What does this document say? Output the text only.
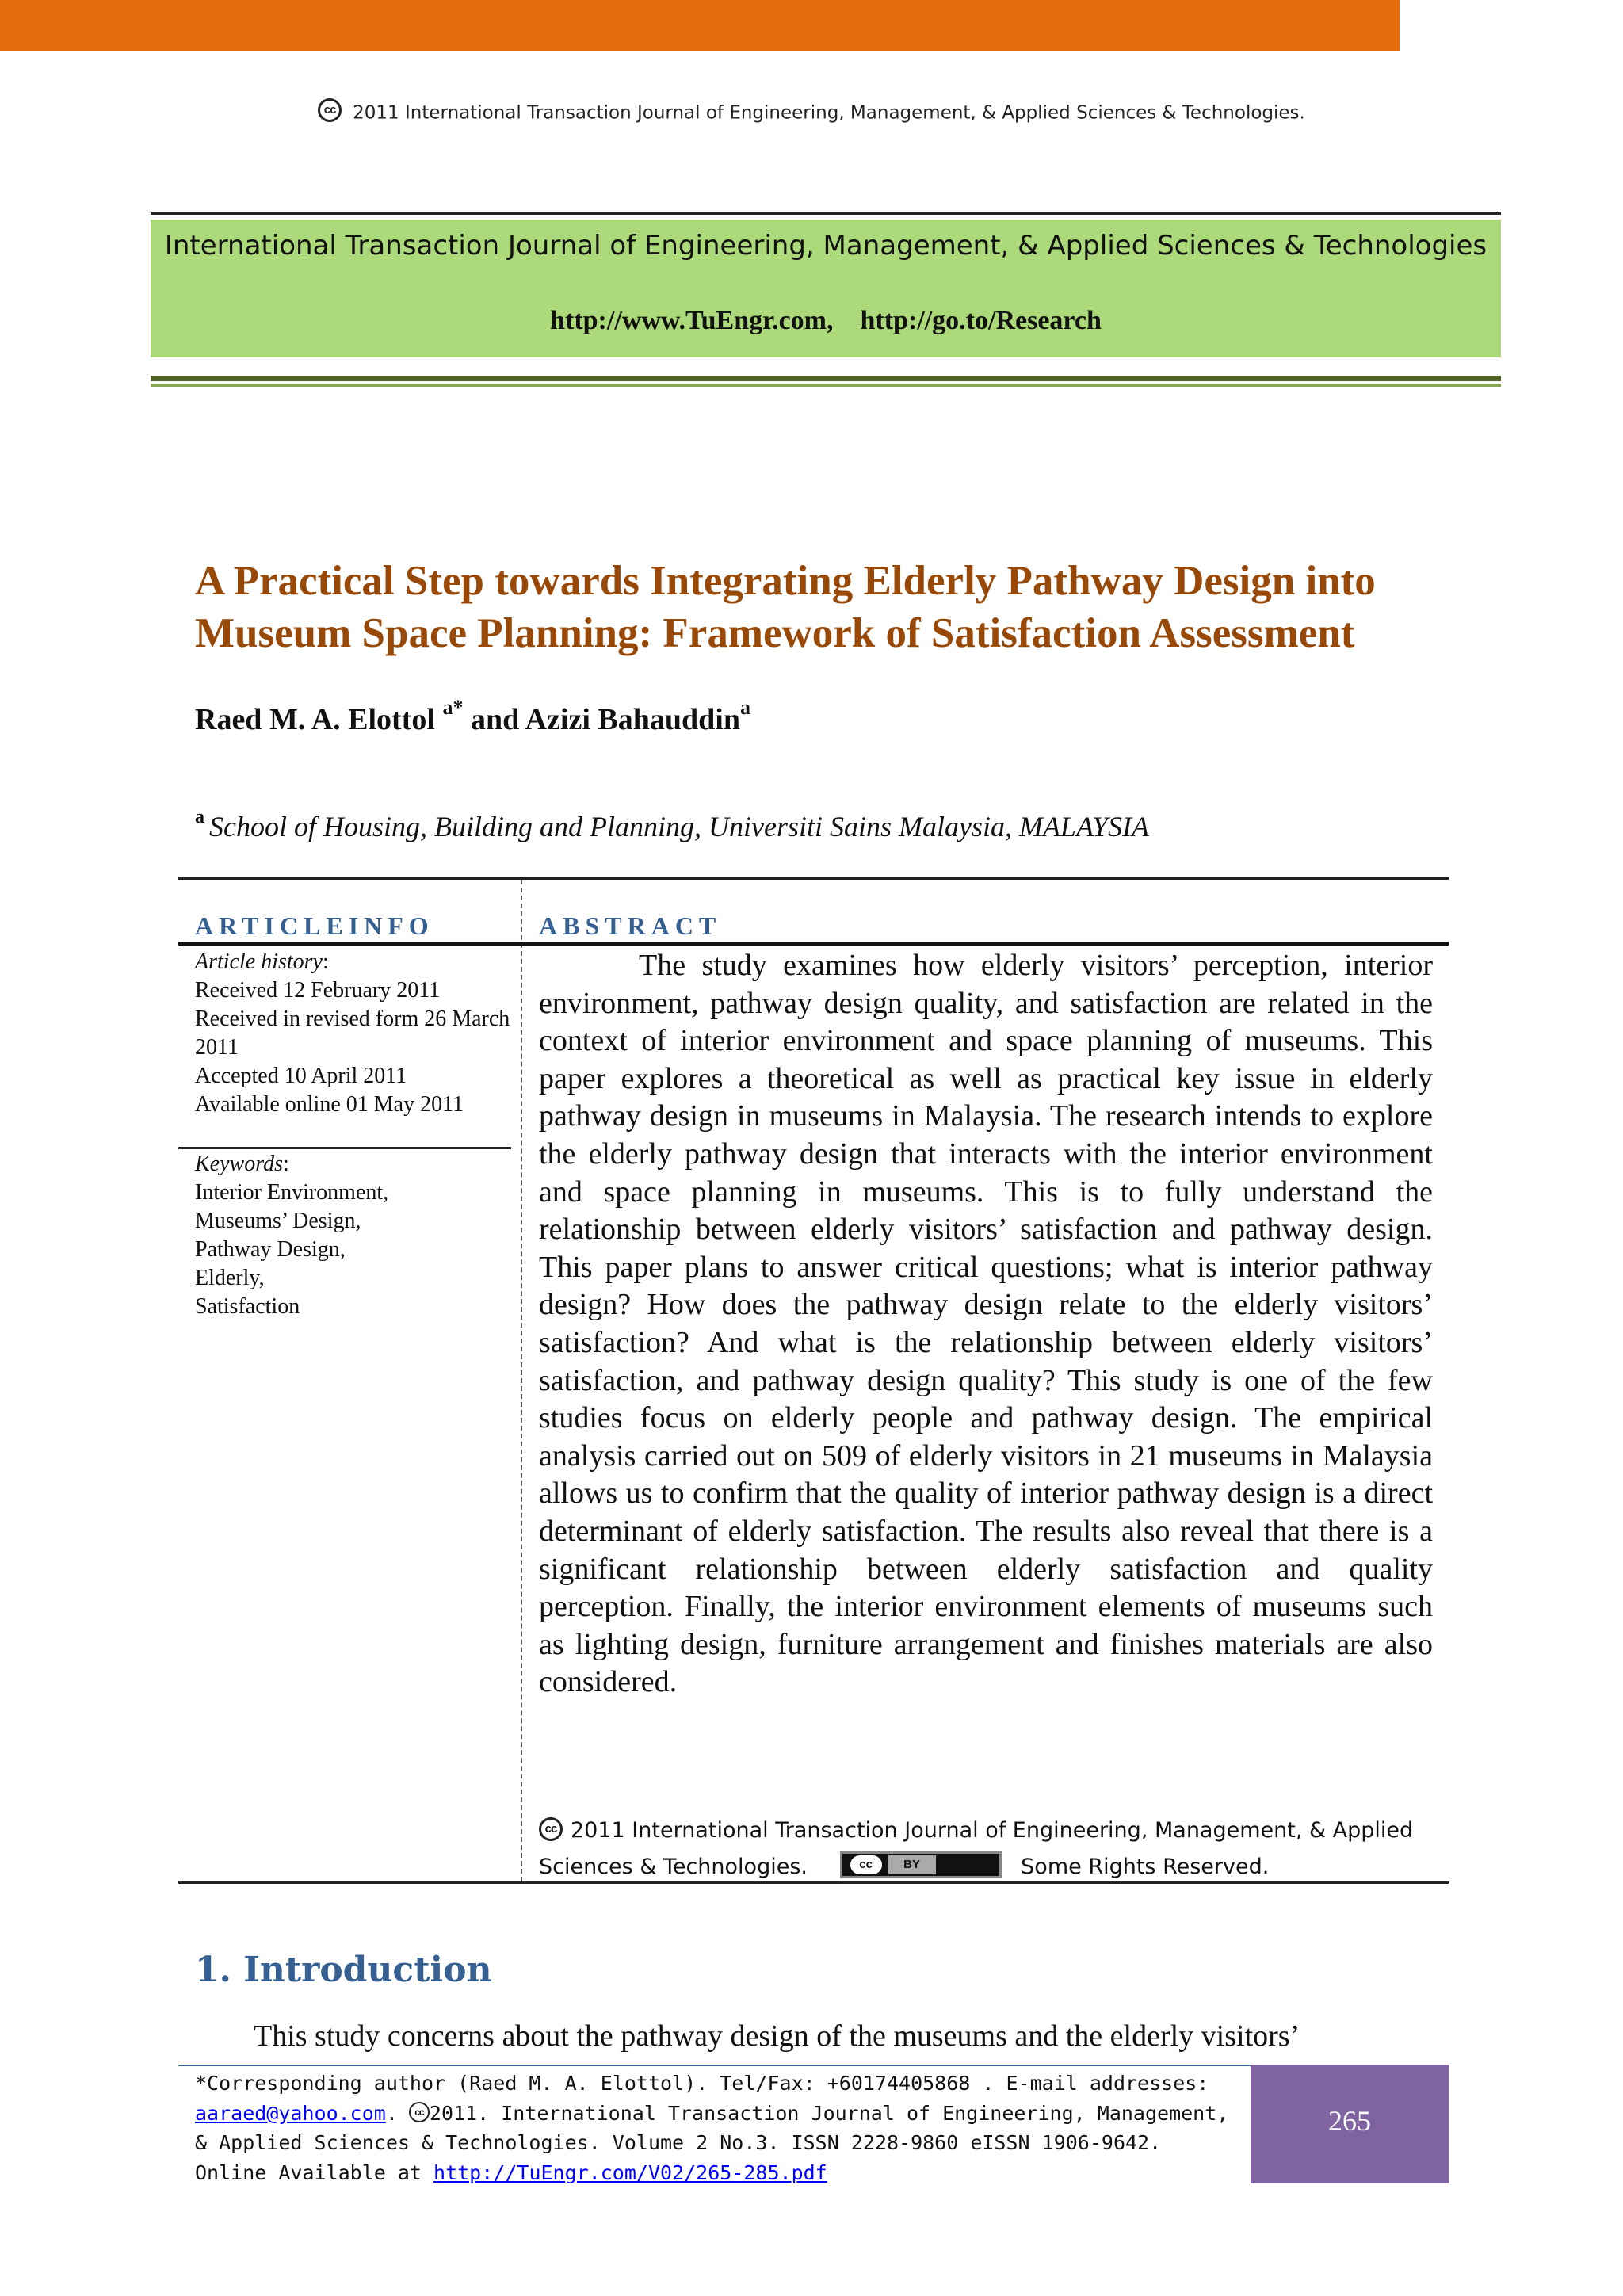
cc 2011 International Transaction Journal of Engineering, Management, & Applied Sciences & Technologies.
International Transaction Journal of Engineering, Management, & Applied Sciences & Technologies
http://www.TuEngr.com,    http://go.to/Research
A Practical Step towards Integrating Elderly Pathway Design into Museum Space Planning: Framework of Satisfaction Assessment
Raed M. A. Elottol $^{a*}$ and Azizi Bahauddin$^a$
$^a$ School of Housing, Building and Planning, Universiti Sains Malaysia, MALAYSIA
ARTICLEINFO	ABSTRACT
Article history:
Received 12 February 2011
Received in revised form 26 March 2011
Accepted 10 April 2011
Available online 01 May 2011
Keywords:
Interior Environment,
Museums’ Design,
Pathway Design,
Elderly,
Satisfaction
The study examines how elderly visitors’ perception, interior environment, pathway design quality, and satisfaction are related in the context of interior environment and space planning of museums. This paper explores a theoretical as well as practical key issue in elderly pathway design in museums in Malaysia. The research intends to explore the elderly pathway design that interacts with the interior environment and space planning in museums. This is to fully understand the relationship between elderly visitors’ satisfaction and pathway design. This paper plans to answer critical questions; what is interior pathway design? How does the pathway design relate to the elderly visitors’ satisfaction? And what is the relationship between elderly visitors’ satisfaction, and pathway design quality? This study is one of the few studies focus on elderly people and pathway design. The empirical analysis carried out on 509 of elderly visitors in 21 museums in Malaysia allows us to confirm that the quality of interior pathway design is a direct determinant of elderly satisfaction. The results also reveal that there is a significant relationship between elderly satisfaction and quality perception. Finally, the interior environment elements of museums such as lighting design, furniture arrangement and finishes materials are also considered.
cc 2011 International Transaction Journal of Engineering, Management, & Applied
Sciences & Technologies.	cc	BY	Some Rights Reserved.
1. Introduction
This study concerns about the pathway design of the museums and the elderly visitors’
*Corresponding author (Raed M. A. Elottol). Tel/Fax: +60174405868 . E-mail addresses:
aaraed@yahoo.com. cc 2011. International Transaction Journal of Engineering, Management,
& Applied Sciences & Technologies. Volume 2 No.3. ISSN 2228-9860 eISSN 1906-9642.
Online Available at http://TuEngr.com/V02/265-285.pdf
265
